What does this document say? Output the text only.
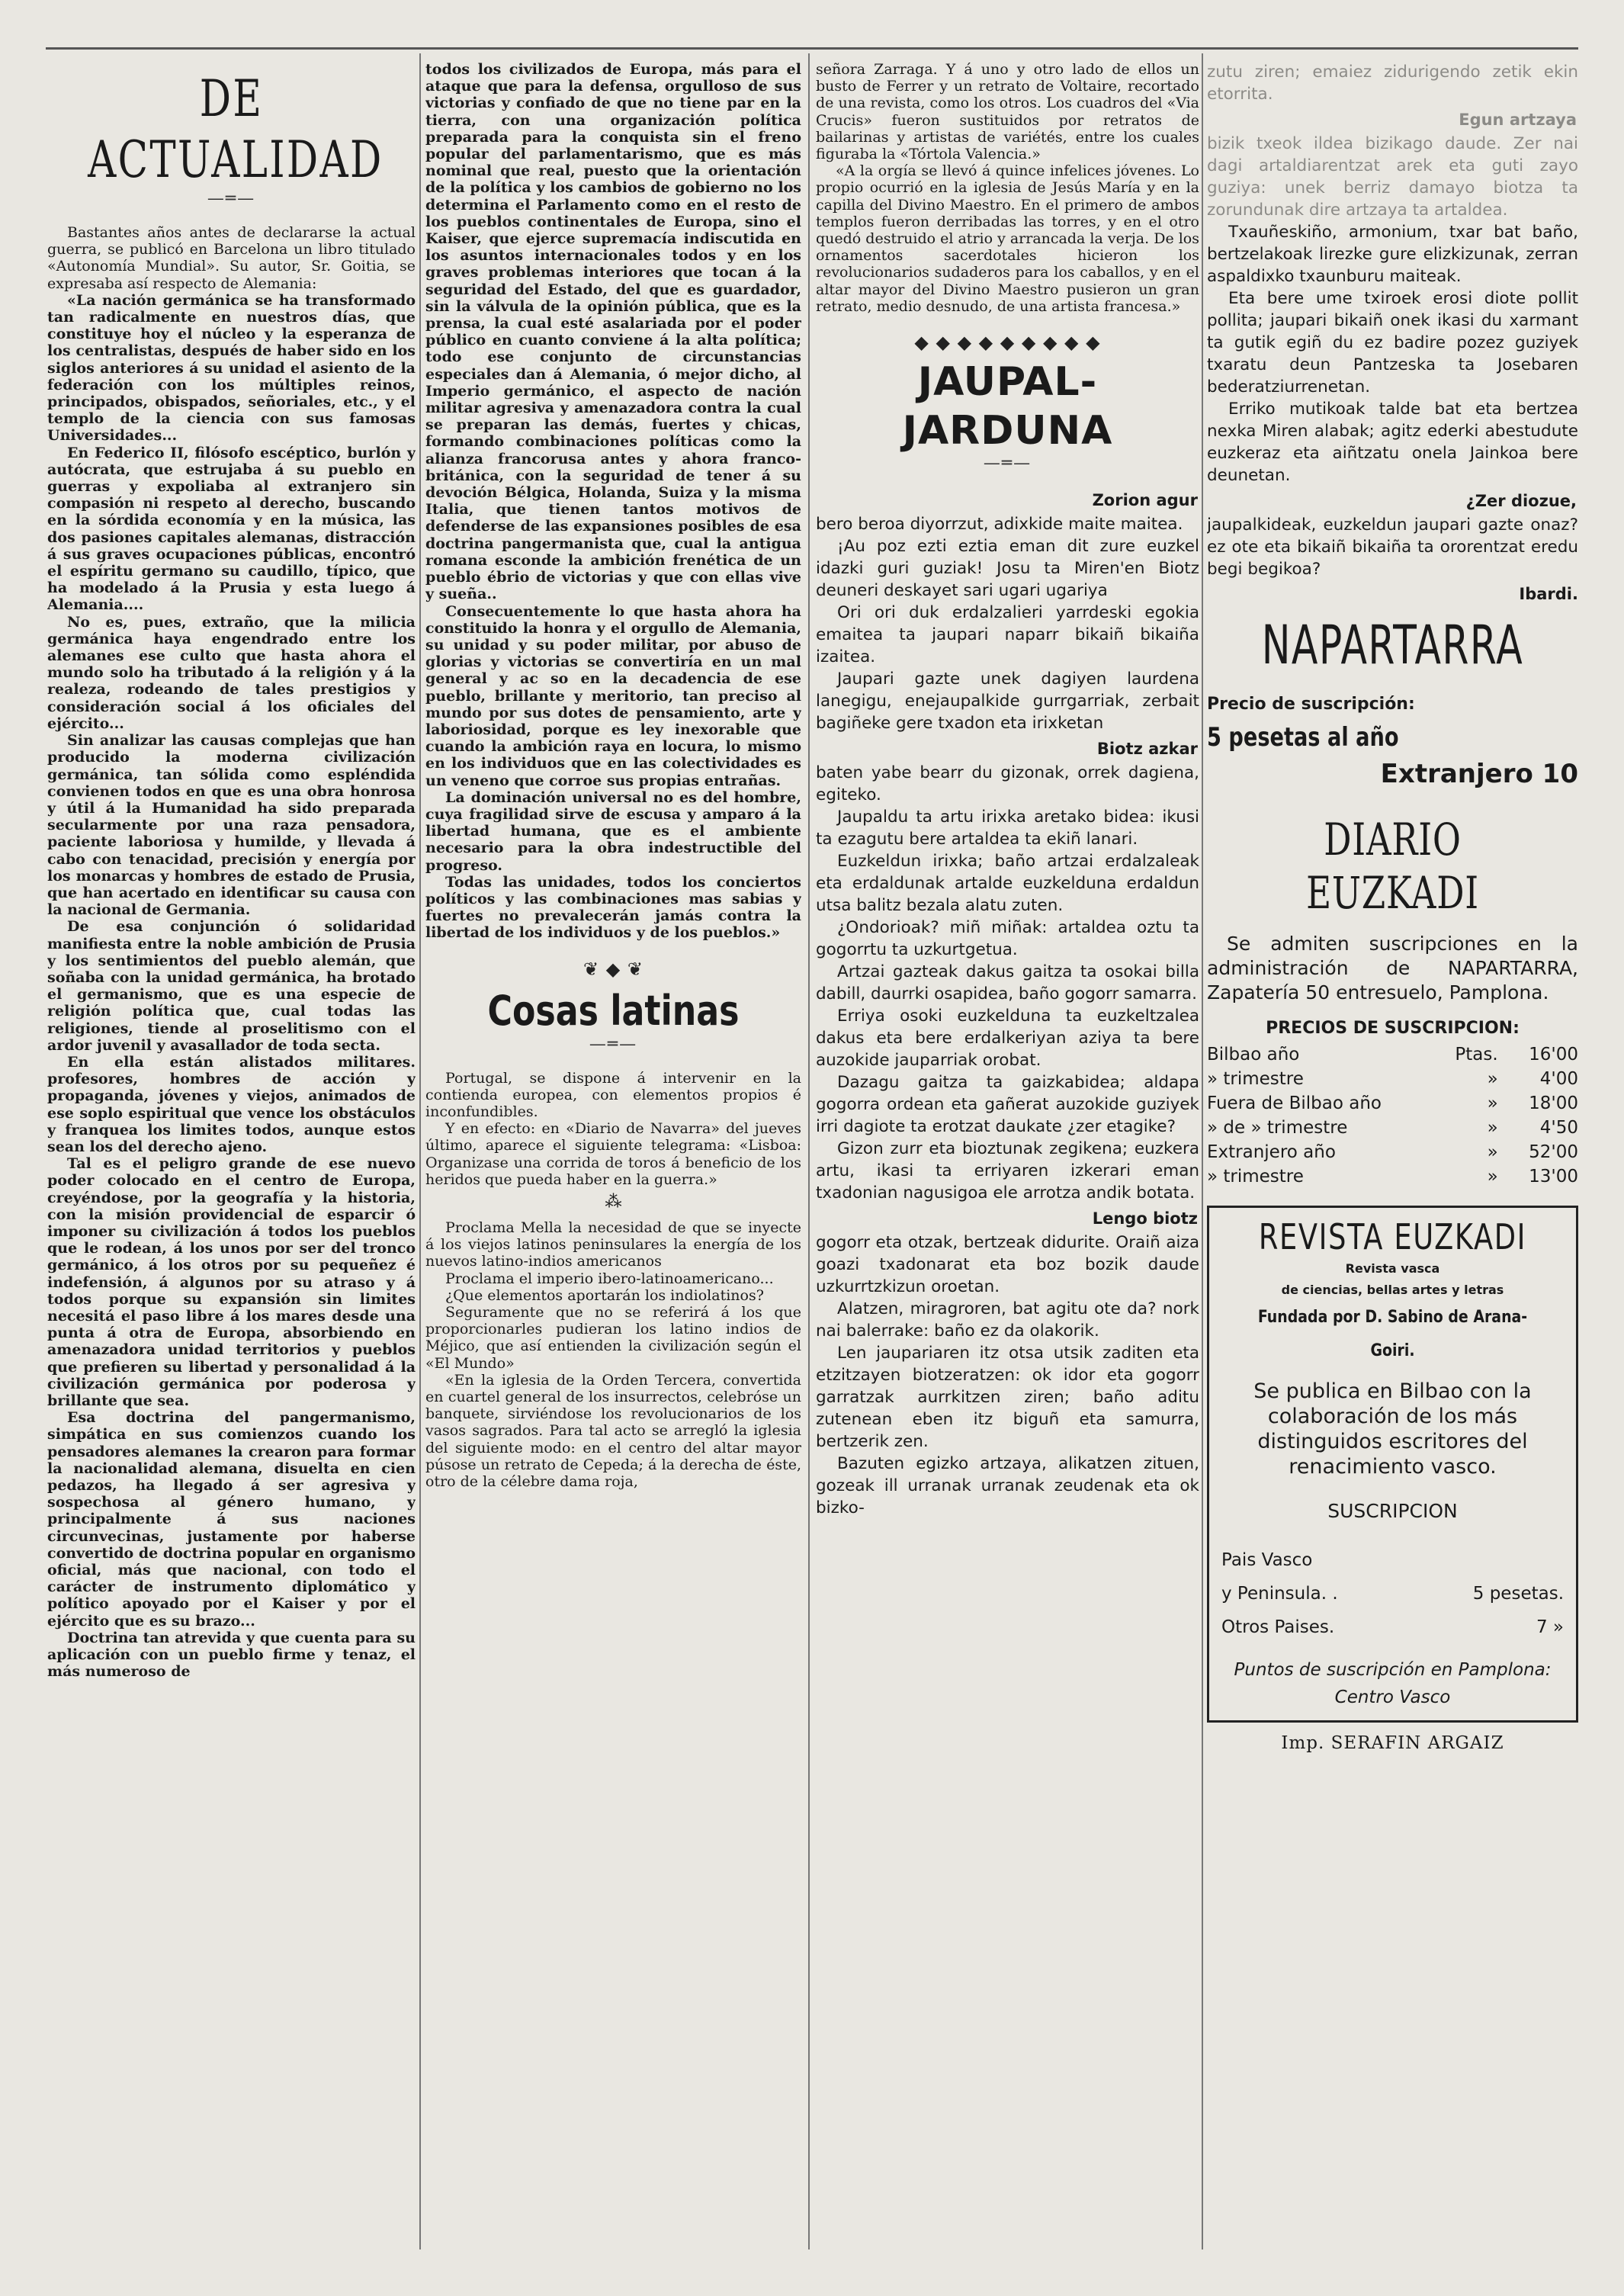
DE ACTUALIDAD
—═—

Bastantes años antes de declararse la actual guerra, se publicó en Barcelona un libro titulado «Autonomía Mundial». Su autor, Sr. Goitia, se expresaba así respecto de Alemania:

«La nación germánica se ha transformado tan radicalmente en nuestros días, que constituye hoy el núcleo y la esperanza de los centralistas, después de haber sido en los siglos anteriores á su unidad el asiento de la federación con los múltiples reinos, principados, obispados, señoriales, etc., y el templo de la ciencia con sus famosas Universidades...

En Federico II, filósofo escéptico, burlón y autócrata, que estrujaba á su pueblo en guerras y expoliaba al extranjero sin compasión ni respeto al derecho, buscando en la sórdida economía y en la música, las dos pasiones capitales alemanas, distracción á sus graves ocupaciones públicas, encontró el espíritu germano su caudillo, típico, que ha modelado á la Prusia y esta luego á Alemania....

No es, pues, extraño, que la milicia germánica haya engendrado entre los alemanes ese culto que hasta ahora el mundo solo ha tributado á la religión y á la realeza, rodeando de tales prestigios y consideración social á los oficiales del ejército...

Sin analizar las causas complejas que han producido la moderna civilización germánica, tan sólida como espléndida convienen todos en que es una obra honrosa y útil á la Humanidad ha sido preparada secularmente por una raza pensadora, paciente laboriosa y humilde, y llevada á cabo con tenacidad, precisión y energía por los monarcas y hombres de estado de Prusia, que han acertado en identificar su causa con la nacional de Germania.

De esa conjunción ó solidaridad manifiesta entre la noble ambición de Prusia y los sentimientos del pueblo alemán, que soñaba con la unidad germánica, ha brotado el germanismo, que es una especie de religión política que, cual todas las religiones, tiende al proselitismo con el ardor juvenil y avasallador de toda secta.

En ella están alistados militares. profesores, hombres de acción y propaganda, jóvenes y viejos, animados de ese soplo espiritual que vence los obstáculos y franquea los limites todos, aunque estos sean los del derecho ajeno.

Tal es el peligro grande de ese nuevo poder colocado en el centro de Europa, creyéndose, por la geografía y la historia, con la misión providencial de esparcir ó imponer su civilización á todos los pueblos que le rodean, á los unos por ser del tronco germánico, á los otros por su pequeñez é indefensión, á algunos por su atraso y á todos porque su expansión sin limites necesitá el paso libre á los mares desde una punta á otra de Europa, absorbiendo en amenazadora unidad territorios y pueblos que prefieren su libertad y personalidad á la civilización germánica por poderosa y brillante que sea.

Esa doctrina del pangermanismo, simpática en sus comienzos cuando los pensadores alemanes la crearon para formar la nacionalidad alemana, disuelta en cien pedazos, ha llegado á ser agresiva y sospechosa al género humano, y principalmente á sus naciones circunvecinas, justamente por haberse convertido de doctrina popular en organismo oficial, más que nacional, con todo el carácter de instrumento diplomático y político apoyado por el Kaiser y por el ejército que es su brazo...

Doctrina tan atrevida y que cuenta para su aplicación con un pueblo firme y tenaz, el más numeroso de

todos los civilizados de Europa, más para el ataque que para la defensa, orgulloso de sus victorias y confiado de que no tiene par en la tierra, con una organización política preparada para la conquista sin el freno popular del parlamentarismo, que es más nominal que real, puesto que la orientación de la política y los cambios de gobierno no los determina el Parlamento como en el resto de los pueblos continentales de Europa, sino el Kaiser, que ejerce supremacía indiscutida en los asuntos internacionales todos y en los graves problemas interiores que tocan á la seguridad del Estado, del que es guardador, sin la válvula de la opinión pública, que es la prensa, la cual esté asalariada por el poder público en cuanto conviene á la alta política; todo ese conjunto de circunstancias especiales dan á Alemania, ó mejor dicho, al Imperio germánico, el aspecto de nación militar agresiva y amenazadora contra la cual se preparan las demás, fuertes y chicas, formando combinaciones políticas como la alianza francorusa antes y ahora franco-británica, con la seguridad de tener á su devoción Bélgica, Holanda, Suiza y la misma Italia, que tienen tantos motivos de defenderse de las expansiones posibles de esa doctrina pangermanista que, cual la antigua romana esconde la ambición frenética de un pueblo ébrio de victorias y que con ellas vive y sueña..

Consecuentemente lo que hasta ahora ha constituido la honra y el orgullo de Alemania, su unidad y su poder militar, por abuso de glorias y victorias se convertiría en un mal general y ac so en la decadencia de ese pueblo, brillante y meritorio, tan preciso al mundo por sus dotes de pensamiento, arte y laboriosidad, porque es ley inexorable que cuando la ambición raya en locura, lo mismo en los individuos que en las colectividades es un veneno que corroe sus propias entrañas.

La dominación universal no es del hombre, cuya fragilidad sirve de escusa y amparo á la libertad humana, que es el ambiente necesario para la obra indestructible del progreso.

Todas las unidades, todos los conciertos políticos y las combinaciones mas sabias y fuertes no prevalecerán jamás contra la libertad de los individuos y de los pueblos.»

❦ ◆ ❦
Cosas latinas
—═—

Portugal, se dispone á intervenir en la contienda europea, con elementos propios é inconfundibles.

Y en efecto: en «Diario de Navarra» del jueves último, aparece el siguiente telegrama: «Lisboa: Organizase una corrida de toros á beneficio de los heridos que pueda haber en la guerra.»

⁂

Proclama Mella la necesidad de que se inyecte á los viejos latinos peninsulares la energía de los nuevos latino-indios americanos

Proclama el imperio ibero-latinoamericano...

¿Que elementos aportarán los indiolatinos?

Seguramente que no se referirá á los que proporcionarles pudieran los latino indios de Méjico, que así entienden la civilización según el «El Mundo»

«En la iglesia de la Orden Tercera, convertida en cuartel general de los insurrectos, celebróse un banquete, sirviéndose los revolucionarios de los vasos sagrados. Para tal acto se arregló la iglesia del siguiente modo: en el centro del altar mayor púsose un retrato de Cepeda; á la derecha de éste, otro de la célebre dama roja,

señora Zarraga. Y á uno y otro lado de ellos un busto de Ferrer y un retrato de Voltaire, recortado de una revista, como los otros. Los cuadros del «Via Crucis» fueron sustituidos por retratos de bailarinas y artistas de variétés, entre los cuales figuraba la «Tórtola Valencia.»

«A la orgía se llevó á quince infelices jóvenes. Lo propio ocurrió en la iglesia de Jesús María y en la capilla del Divino Maestro. En el primero de ambos templos fueron derribadas las torres, y en el otro quedó destruido el atrio y arrancada la verja. De los ornamentos sacerdotales hicieron los revolucionarios sudaderos para los caballos, y en el altar mayor del Divino Maestro pusieron un gran retrato, medio desnudo, de una artista francesa.»

◆ ◆ ◆ ◆ ◆ ◆ ◆ ◆ ◆
JAUPAL-JARDUNA
—═—
Zorion agur

bero beroa diyorrzut, adixkide maite maitea.

¡Au poz ezti eztia eman dit zure euzkel idazki guri guziak! Josu ta Miren'en Biotz deuneri deskayet sari ugari ugariya

Ori ori duk erdalzalieri yarrdeski egokia emaitea ta jaupari naparr bikaiñ bikaiña izaitea.

Jaupari gazte unek dagiyen laurdena lanegigu, enejaupalkide gurrgarriak, zerbait bagiñeke gere txadon eta irixketan

Biotz azkar

baten yabe bearr du gizonak, orrek dagiena, egiteko.

Jaupaldu ta artu irixka aretako bidea: ikusi ta ezagutu bere artaldea ta ekiñ lanari.

Euzkeldun irixka; baño artzai erdalzaleak eta erdaldunak artalde euzkelduna erdaldun utsa balitz bezala alatu zuten.

¿Ondorioak? miñ miñak: artaldea oztu ta gogorrtu ta uzkurtgetua.

Artzai gazteak dakus gaitza ta osokai billa dabill, daurrki osapidea, baño gogorr samarra.

Erriya osoki euzkelduna ta euzkeltzalea dakus eta bere erdalkeriyan aziya ta bere auzokide jauparriak orobat.

Dazagu gaitza ta gaizkabidea; aldapa gogorra ordean eta gañerat auzokide guziyek irri dagiote ta erotzat daukate ¿zer etagike?

Gizon zurr eta bioztunak zegikena; euzkera artu, ikasi ta erriyaren izkerari eman txadonian nagusigoa ele arrotza andik botata.

Lengo biotz

gogorr eta otzak, bertzeak didurite. Oraiñ aiza goazi txadonarat eta boz bozik daude uzkurrtzkizun oroetan.

Alatzen, miragroren, bat agitu ote da? nork nai balerrake: baño ez da olakorik.

Len jaupariaren itz otsa utsik zaditen eta etzitzayen biotzeratzen: ok idor eta gogorr garratzak aurrkitzen ziren; baño aditu zutenean eben itz biguñ eta samurra, bertzerik zen.

Bazuten egizko artzaya, alikatzen zituen, gozeak ill urranak urranak zeudenak eta ok bizko-

zutu ziren; emaiez zidurigendo zetik ekin etorrita.

Egun artzaya

bizik txeok ildea bizikago daude. Zer nai dagi artaldiarentzat arek eta guti zayo guziya: unek berriz damayo biotza ta zorundunak dire artzaya ta artaldea.

Txauñeskiño, armonium, txar bat baño, bertzelakoak lirezke gure elizkizunak, zerran aspaldixko txaunburu maiteak.

Eta bere ume txiroek erosi diote pollit pollita; jaupari bikaiñ onek ikasi du xarmant ta gutik egiñ du ez badire pozez guziyek txaratu deun Pantzeska ta Josebaren bederatziurrenetan.

Erriko mutikoak talde bat eta bertzea nexka Miren alabak; agitz ederki abestudute euzkeraz eta aiñtzatu onela Jainkoa bere deunetan.

¿Zer diozue,

jaupalkideak, euzkeldun jaupari gazte onaz? ez ote eta bikaiñ bikaiña ta ororentzat eredu begi begikoa?

Ibardi.
NAPARTARRA
Precio de suscripción:
5 pesetas al año
Extranjero 10
DIARIO EUZKADI

Se admiten suscripciones en la administración de NAPARTARRA, Zapatería 50 entresuelo, Pamplona.

PRECIOS DE SUSCRIPCION:
Bilbao año	Ptas.	16'00
» trimestre	»	4'00
Fuera de Bilbao año	»	18'00
» de » trimestre	»	4'50
Extranjero año	»	52'00
» trimestre	»	13'00
REVISTA EUZKADI
Revista vasca
de ciencias, bellas artes y letras
Fundada por D. Sabino de Arana-Goiri.
Se publica en Bilbao con la colaboración de los más distinguidos escritores del renacimiento vasco.
SUSCRIPCION
Pais Vasco	
y Peninsula. .	5 pesetas.
Otros Paises.	7 »
Puntos de suscripción en Pamplona: Centro Vasco
Imp. SERAFIN ARGAIZ
